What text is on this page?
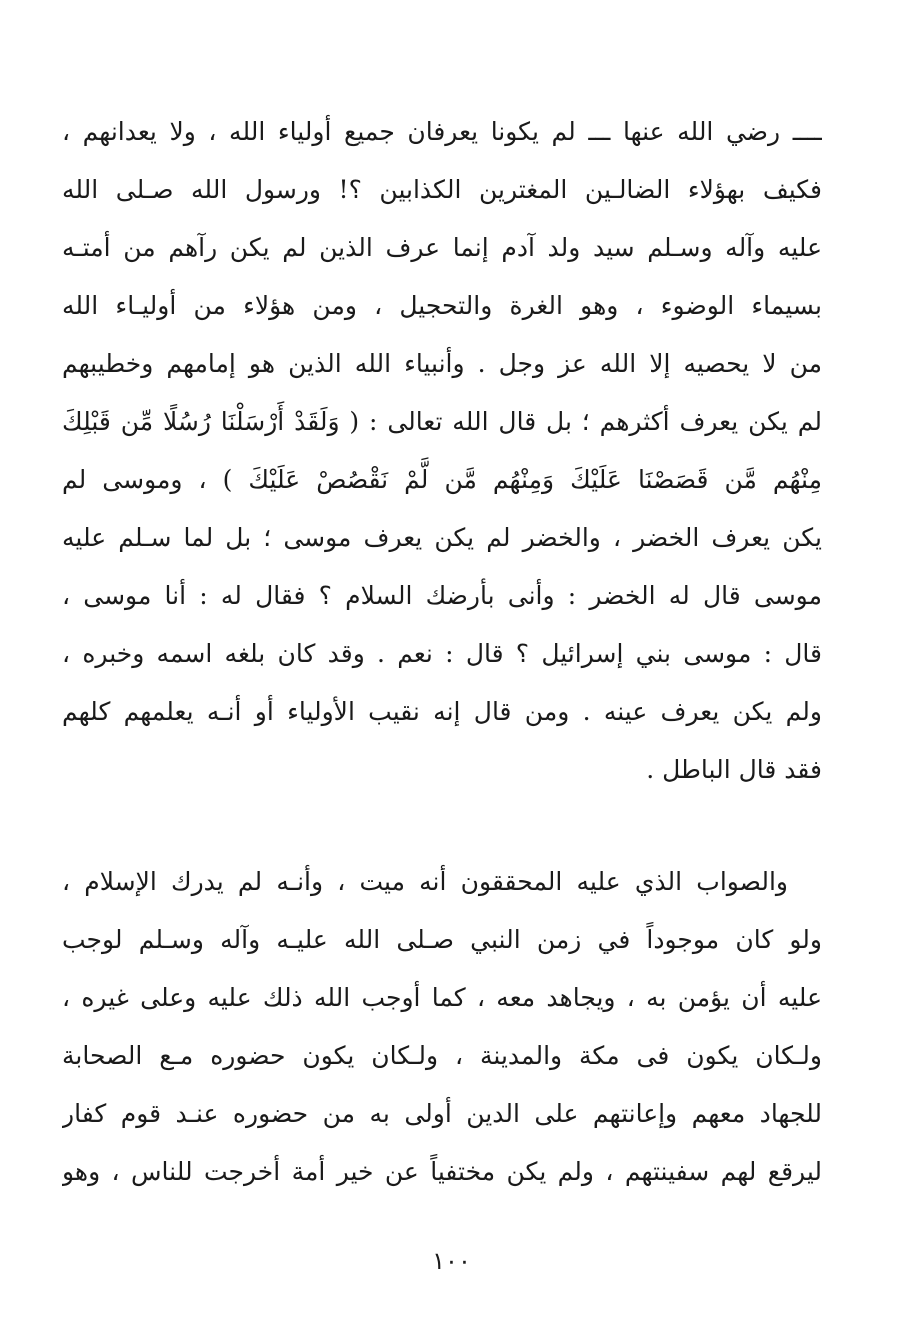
ــــ رضي الله عنها ـــ لم يكونا يعرفان جميع أولياء الله ، ولا يعدانهم ،
فكيف بهؤلاء الضالـين المغترين الكذابين ؟! ورسول الله صـلى الله
عليه وآله وسـلم سيد ولد آدم إنما عرف الذين لم يكن رآهم من أمتـه
بسيماء الوضوء ، وهو الغرة والتحجيل ، ومن هؤلاء من أوليـاء الله
من لا يحصيه إلا الله عز وجل . وأنبياء الله الذين هو إمامهم وخطيبهم
لم يكن يعرف أكثرهم ؛ بل قال الله تعالى : ( وَلَقَدْ أَرْسَلْنَا رُسُلًا مِّن قَبْلِكَ
مِنْهُم مَّن قَصَصْنَا عَلَيْكَ وَمِنْهُم مَّن لَّمْ نَقْصُصْ عَلَيْكَ ) ، وموسى لم
يكن يعرف الخضر ، والخضر لم يكن يعرف موسى ؛ بل لما سـلم عليه
موسى قال له الخضر : وأنى بأرضك السلام ؟ فقال له : أنا موسى ،
قال : موسى بني إسرائيل ؟ قال : نعم . وقد كان بلغه اسمه وخبره ،
ولم يكن يعرف عينه . ومن قال إنه نقيب الأولياء أو أنـه يعلمهم كلهم
فقد قال الباطل .
والصواب الذي عليه المحققون أنه ميت ، وأنـه لم يدرك الإسلام ،
ولو كان موجوداً في زمن النبي صـلى الله عليـه وآله وسـلم لوجب
عليه أن يؤمن به ، ويجاهد معه ، كما أوجب الله ذلك عليه وعلى غيره ،
ولـكان يكون فى مكة والمدينة ، ولـكان يكون حضوره مـع الصحابة
للجهاد معهم وإعانتهم على الدين أولى به من حضوره عنـد قوم كفار
ليرقع لهم سفينتهم ، ولم يكن مختفياً عن خير أمة أخرجت للناس ، وهو
١٠٠
